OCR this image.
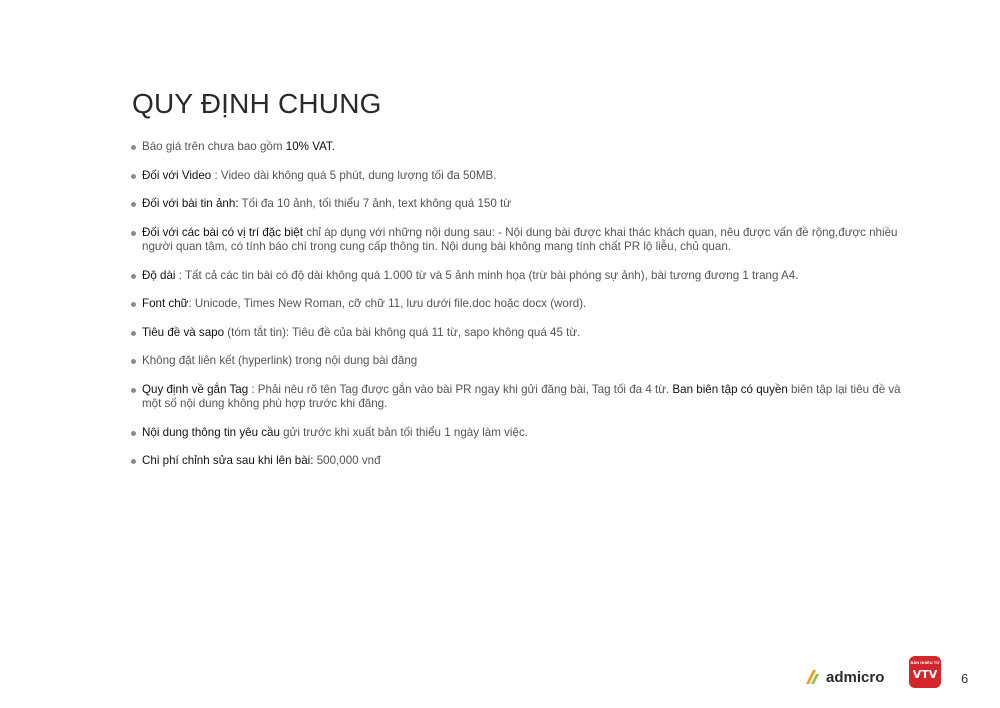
QUY ĐỊNH CHUNG
Báo giá trên chưa bao gồm 10% VAT.
Đối với Video : Video dài không quá 5 phút, dung lượng tối đa 50MB.
Đối với bài tin ảnh: Tối đa 10 ảnh, tối thiểu 7 ảnh, text không quá 150 từ
Đối với các bài có vị trí đặc biệt chỉ áp dụng với những nội dung sau: - Nội dung bài được khai thác khách quan, nêu được vấn đề rộng,được nhiều người quan tâm, có tính báo chí trong cung cấp thông tin. Nội dung bài không mang tính chất PR lộ liễu, chủ quan.
Độ dài : Tất cả các tin bài có độ dài không quá 1.000 từ và 5 ảnh minh họa (trừ bài phóng sự ảnh), bài tương đương 1 trang A4.
Font chữ: Unicode, Times New Roman, cỡ chữ 11, lưu dưới file.doc hoặc docx (word).
Tiêu đề và sapo (tóm tắt tin): Tiêu đề của bài không quá 11 từ, sapo không quá 45 từ.
Không đặt liên kết (hyperlink) trong nội dung bài đăng
Quy định về gắn Tag : Phải nêu rõ tên Tag được gắn vào bài PR ngay khi gửi đăng bài, Tag tối đa 4 từ. Ban biên tập có quyền biên tập lại tiêu đề và một số nội dung không phù hợp trước khi đăng.
Nội dung thông tin yêu cầu gửi trước khi xuất bản tối thiểu 1 ngày làm việc.
Chi phí chỉnh sửa sau khi lên bài: 500,000 vnđ
admicro
BẢN NHIỀU TỪ
VTV 6
